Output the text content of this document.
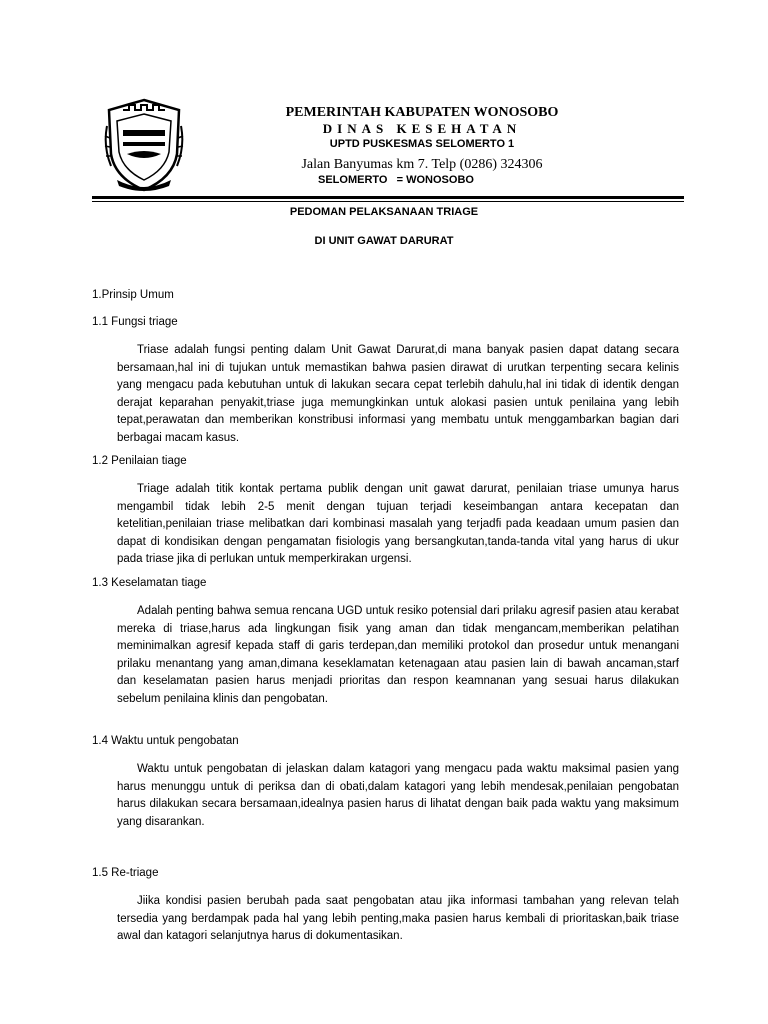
PEMERINTAH KABUPATEN WONOSOBO
DINAS KESEHATAN
UPTD PUSKESMAS SELOMERTO 1
Jalan Banyumas km 7. Telp (0286) 324306
SELOMERTO   = WONOSOBO
PEDOMAN PELAKSANAAN TRIAGE
DI UNIT GAWAT DARURAT
1.Prinsip Umum
1.1 Fungsi triage
Triase adalah fungsi penting dalam Unit Gawat Darurat,di mana banyak pasien dapat datang secara bersamaan,hal ini di tujukan untuk memastikan bahwa pasien dirawat di urutkan terpenting secara kelinis yang mengacu pada kebutuhan untuk di lakukan secara cepat terlebih dahulu,hal ini tidak di identik dengan derajat keparahan penyakit,triase juga memungkinkan untuk alokasi pasien untuk penilaina yang lebih tepat,perawatan dan memberikan konstribusi informasi yang membatu untuk menggambarkan bagian dari berbagai macam kasus.
1.2 Penilaian tiage
Triage adalah titik kontak pertama publik dengan unit gawat darurat, penilaian triase umunya harus mengambil tidak lebih 2-5 menit dengan tujuan terjadi keseimbangan antara kecepatan dan ketelitian,penilaian triase melibatkan dari kombinasi masalah yang terjadfi pada keadaan umum pasien dan dapat di kondisikan dengan pengamatan fisiologis yang bersangkutan,tanda-tanda vital yang harus di ukur pada triase jika di perlukan untuk memperkirakan urgensi.
1.3 Keselamatan tiage
Adalah penting bahwa semua rencana UGD untuk resiko potensial dari prilaku agresif pasien atau kerabat mereka di triase,harus ada lingkungan fisik yang aman dan tidak mengancam,memberikan pelatihan meminimalkan agresif kepada staff di garis terdepan,dan memiliki protokol dan prosedur untuk menangani prilaku menantang yang aman,dimana keseklamatan ketenagaan atau pasien lain di bawah ancaman,starf dan keselamatan pasien harus menjadi prioritas dan respon keamnanan yang sesuai harus dilakukan sebelum penilaina klinis dan pengobatan.
1.4 Waktu untuk pengobatan
Waktu untuk pengobatan di jelaskan dalam katagori yang mengacu pada waktu maksimal pasien yang harus menunggu untuk di periksa dan di obati,dalam katagori yang lebih mendesak,penilaian pengobatan harus dilakukan secara bersamaan,idealnya pasien harus di lihatat dengan baik pada waktu yang maksimum yang disarankan.
1.5 Re-triage
Jiika kondisi pasien berubah pada saat pengobatan atau jika informasi tambahan yang relevan telah tersedia yang berdampak pada hal yang lebih penting,maka pasien harus kembali di prioritaskan,baik triase awal dan katagori selanjutnya harus di dokumentasikan.
